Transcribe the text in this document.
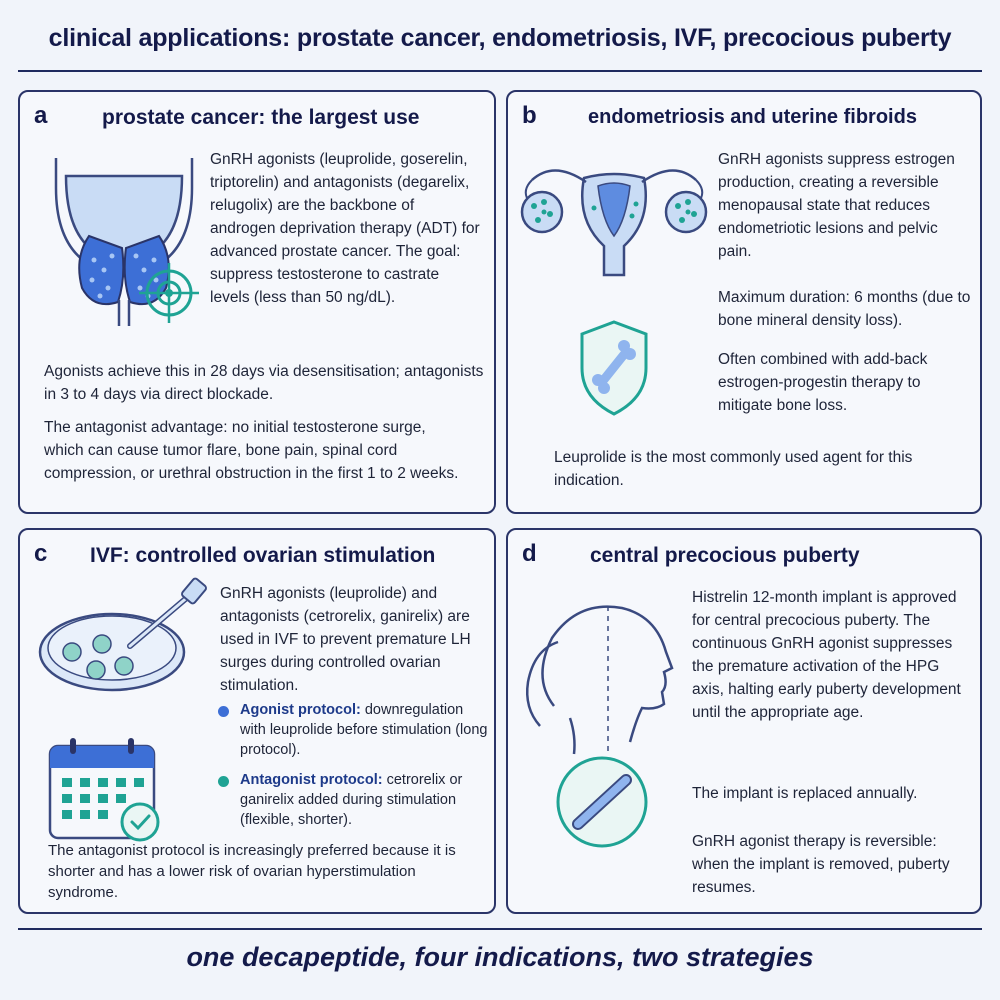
clinical applications: prostate cancer, endometriosis, IVF, precocious puberty
a	prostate cancer: the largest use
GnRH agonists (leuprolide, goserelin, triptorelin) and antagonists (degarelix, relugolix) are the backbone of androgen deprivation therapy (ADT) for advanced prostate cancer. The goal: suppress testosterone to castrate levels (less than 50 ng/dL).
Agonists achieve this in 28 days via desensitisation; antagonists in 3 to 4 days via direct blockade.
The antagonist advantage: no initial testosterone surge, which can cause tumor flare, bone pain, spinal cord compression, or urethral obstruction in the first 1 to 2 weeks.
b	endometriosis and uterine fibroids
GnRH agonists suppress estrogen production, creating a reversible menopausal state that reduces endometriotic lesions and pelvic pain.
Maximum duration: 6 months (due to bone mineral density loss).
Often combined with add-back estrogen-progestin therapy to mitigate bone loss.
Leuprolide is the most commonly used agent for this indication.
c IVF: controlled ovarian stimulation
GnRH agonists (leuprolide) and antagonists (cetrorelix, ganirelix) are used in IVF to prevent premature LH surges during controlled ovarian stimulation.
Agonist protocol: downregulation with leuprolide before stimulation (long protocol).
Antagonist protocol: cetrorelix or ganirelix added during stimulation (flexible, shorter).
The antagonist protocol is increasingly preferred because it is shorter and has a lower risk of ovarian hyperstimulation syndrome.
d	central precocious puberty
Histrelin 12-month implant is approved for central precocious puberty. The continuous GnRH agonist suppresses the premature activation of the HPG axis, halting early puberty development until the appropriate age.
The implant is replaced annually.
GnRH agonist therapy is reversible: when the implant is removed, puberty resumes.
one decapeptide, four indications, two strategies
